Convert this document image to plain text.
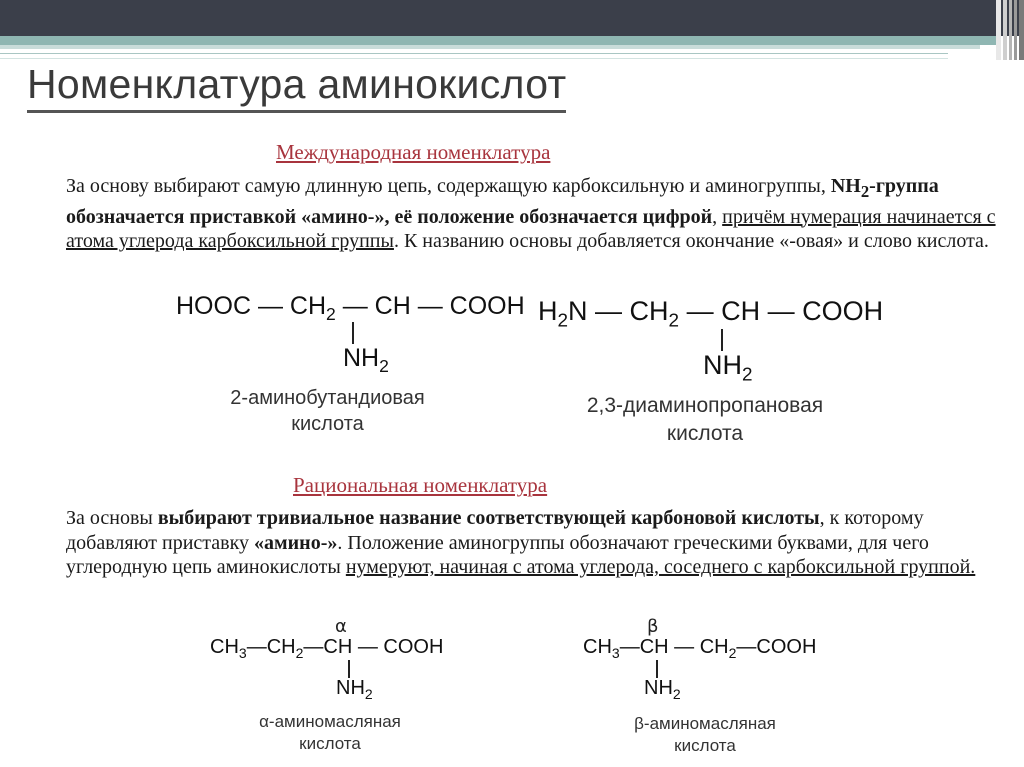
Номенклатура аминокислот
Международная номенклатура
За основу выбирают самую длинную цепь, содержащую карбоксильную и аминогруппы, $NH_2$-группа обозначается приставкой «амино-», её положение обозначается цифрой, причём нумерация начинается с атома углерода карбоксильной группы. К названию основы добавляется окончание «-овая» и слово кислота.
HOOC — $CH_2$ — CH — COOH
$NH_2$
2-аминобутандиовая
кислота
$H_2N$ — $CH_2$ — CH — COOH
$NH_2$
2,3-диаминопропановая
кислота
Рациональная номенклатура
За основы выбирают тривиальное название соответствующей карбоновой кислоты, к которому добавляют приставку «амино-». Положение аминогруппы обозначают греческими буквами, для чего углеродную цепь аминокислоты нумеруют, начиная с атома углерода, соседнего с карбоксильной группой.
α
$CH_3—CH_2—CH$ — COOH
$NH_2$
α-аминомасляная
кислота
β
$CH_3—CH$ — $CH_2—COOH$
$NH_2$
β-аминомасляная
кислота
